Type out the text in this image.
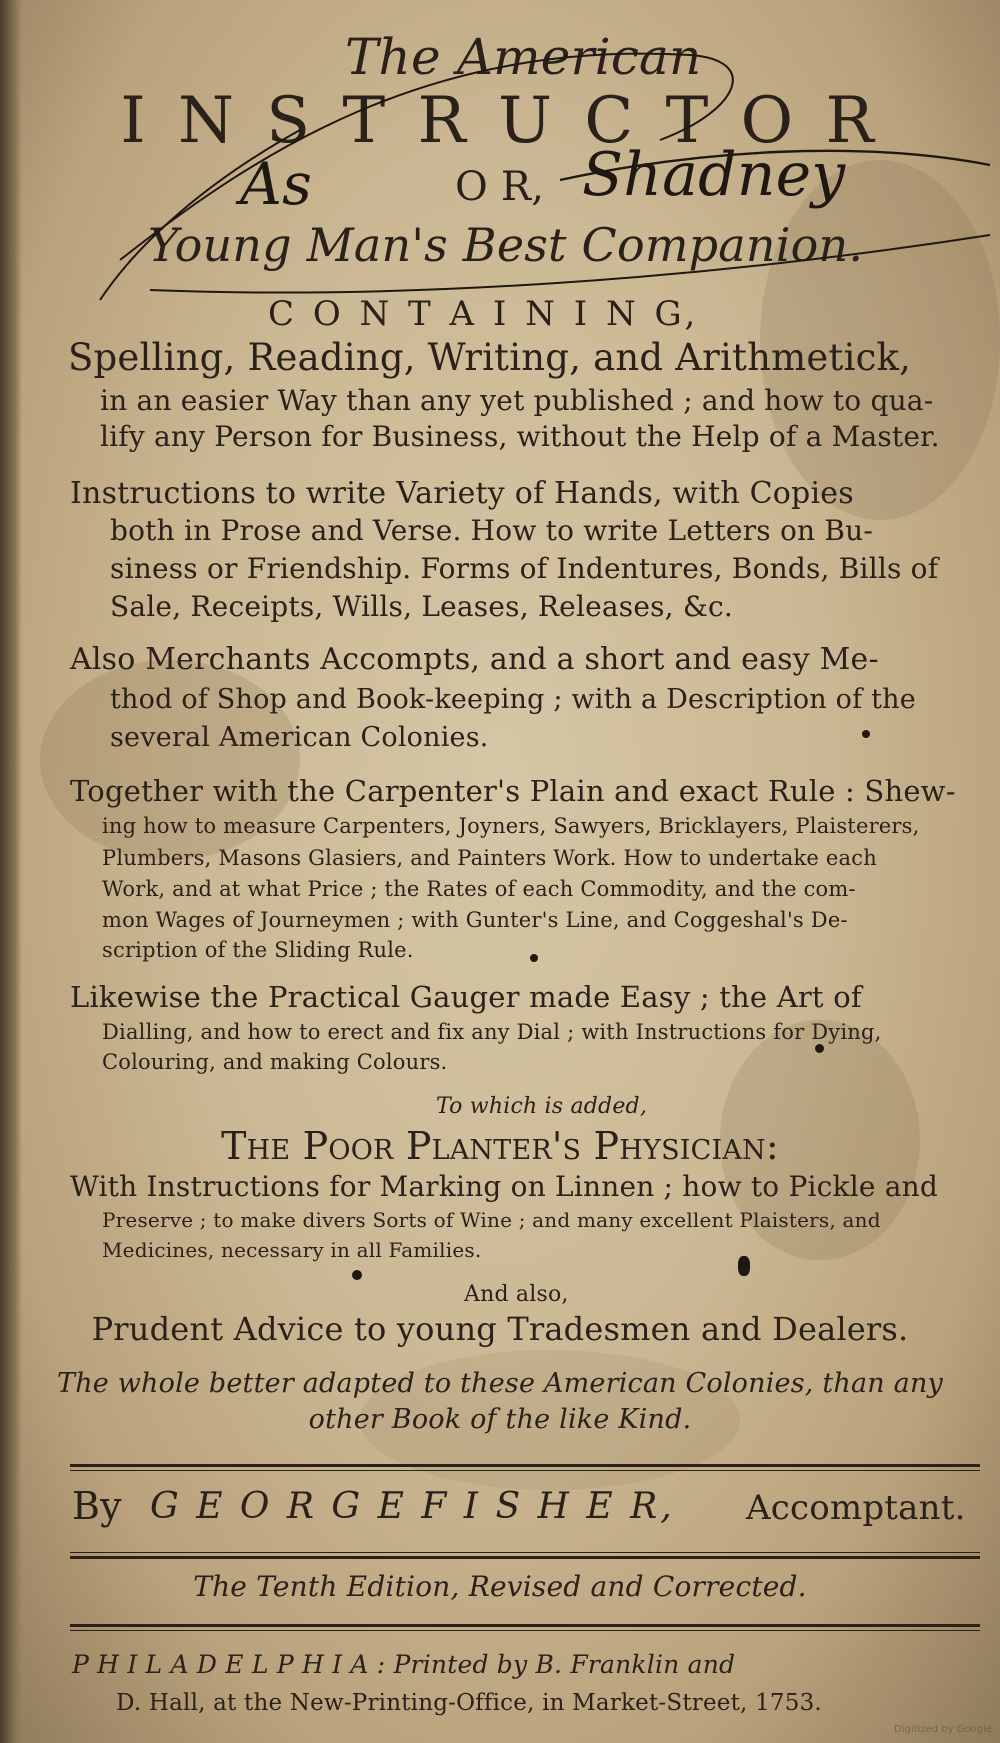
The American
I N S T R U C T O R
O R,
Young Man's Best Companion.
As	Shadney
C O N T A I N I N G,
Spelling, Reading, Writing, and Arithmetick,
in an easier Way than any yet published ; and how to qua-
lify any Person for Business, without the Help of a Master.
Instructions to write Variety of Hands, with Copies
both in Prose and Verse. How to write Letters on Bu-
siness or Friendship. Forms of Indentures, Bonds, Bills of
Sale, Receipts, Wills, Leases, Releases, &c.
Also Merchants Accompts, and a short and easy Me-
thod of Shop and Book-keeping ; with a Description of the
several American Colonies.
Together with the Carpenter's Plain and exact Rule : Shew-
ing how to measure Carpenters, Joyners, Sawyers, Bricklayers, Plaisterers,
Plumbers, Masons Glasiers, and Painters Work. How to undertake each
Work, and at what Price ; the Rates of each Commodity, and the com-
mon Wages of Journeymen ; with Gunter's Line, and Coggeshal's De-
scription of the Sliding Rule.
Likewise the Practical Gauger made Easy ; the Art of
Dialling, and how to erect and fix any Dial ; with Instructions for Dying,
Colouring, and making Colours.
To which is added,
The Poor Planter's Physician:
With Instructions for Marking on Linnen ; how to Pickle and
Preserve ; to make divers Sorts of Wine ; and many excellent Plaisters, and
Medicines, necessary in all Families.
And also,
Prudent Advice to young Tradesmen and Dealers.
The whole better adapted to these American Colonies, than any
other Book of the like Kind.
By G E O R G E F I S H E R, Accomptant.
The Tenth Edition, Revised and Corrected.
P H I L A D E L P H I A : Printed by B. Franklin and
D. Hall, at the New-Printing-Office, in Market-Street, 1753.
Digitized by Google
